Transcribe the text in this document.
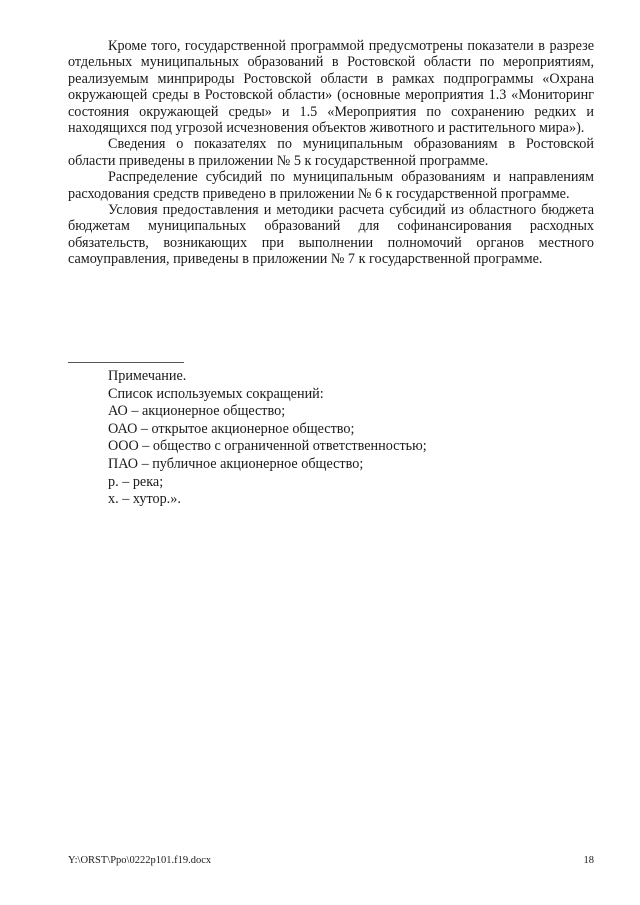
Кроме того, государственной программой предусмотрены показатели в разрезе отдельных муниципальных образований в Ростовской области по мероприятиям, реализуемым минприроды Ростовской области в рамках подпрограммы «Охрана окружающей среды в Ростовской области» (основные мероприятия 1.3 «Мониторинг состояния окружающей среды» и 1.5 «Мероприятия по сохранению редких и находящихся под угрозой исчезновения объектов животного и растительного мира»).

Сведения о показателях по муниципальным образованиям в Ростовской области приведены в приложении № 5 к государственной программе.

Распределение субсидий по муниципальным образованиям и направлениям расходования средств приведено в приложении № 6 к государственной программе.

Условия предоставления и методики расчета субсидий из областного бюджета бюджетам муниципальных образований для софинансирования расходных обязательств, возникающих при выполнении полномочий органов местного самоуправления, приведены в приложении № 7 к государственной программе.

Примечание.

Список используемых сокращений:

АО – акционерное общество;

ОАО – открытое акционерное общество;

ООО – общество с ограниченной ответственностью;

ПАО – публичное акционерное общество;

р. – река;

х. – хутор.».

Y:\ORST\Ppo\0222p101.f19.docx	18
